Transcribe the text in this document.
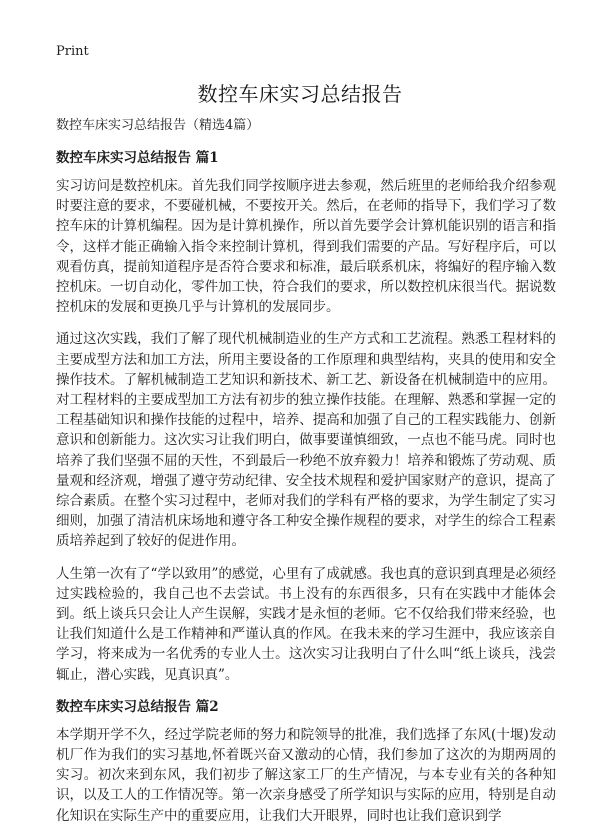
Print
数控车床实习总结报告
数控车床实习总结报告（精选4篇）
数控车床实习总结报告 篇1

实习访问是数控机床。首先我们同学按顺序进去参观，然后班里的老师给我介绍参观时要注意的要求，不要碰机械，不要按开关。然后，在老师的指导下，我们学习了数控车床的计算机编程。因为是计算机操作，所以首先要学会计算机能识别的语言和指令，这样才能正确输入指令来控制计算机，得到我们需要的产品。写好程序后，可以观看仿真，提前知道程序是否符合要求和标准，最后联系机床，将编好的程序输入数控机床。一切自动化，零件加工快，符合我们的要求，所以数控机床很当代。据说数控机床的发展和更换几乎与计算机的发展同步。

通过这次实践，我们了解了现代机械制造业的生产方式和工艺流程。熟悉工程材料的主要成型方法和加工方法，所用主要设备的工作原理和典型结构，夹具的使用和安全操作技术。了解机械制造工艺知识和新技术、新工艺、新设备在机械制造中的应用。对工程材料的主要成型加工方法有初步的独立操作技能。在理解、熟悉和掌握一定的工程基础知识和操作技能的过程中，培养、提高和加强了自己的工程实践能力、创新意识和创新能力。这次实习让我们明白，做事要谨慎细致，一点也不能马虎。同时也培养了我们坚强不屈的天性，不到最后一秒绝不放弃毅力！培养和锻炼了劳动观、质量观和经济观，增强了遵守劳动纪律、安全技术规程和爱护国家财产的意识，提高了综合素质。在整个实习过程中，老师对我们的学科有严格的要求，为学生制定了实习细则，加强了清洁机床场地和遵守各工种安全操作规程的要求，对学生的综合工程素质培养起到了较好的促进作用。

人生第一次有了“学以致用”的感觉，心里有了成就感。我也真的意识到真理是必须经过实践检验的，我自己也不去尝试。书上没有的东西很多，只有在实践中才能体会到。纸上谈兵只会让人产生误解，实践才是永恒的老师。它不仅给我们带来经验，也让我们知道什么是工作精神和严谨认真的作风。在我未来的学习生涯中，我应该亲自学习，将来成为一名优秀的专业人士。这次实习让我明白了什么叫“纸上谈兵，浅尝辄止，潜心实践，见真识真”。

数控车床实习总结报告 篇2

本学期开学不久，经过学院老师的努力和院领导的批准，我们选择了东风(十堰)发动机厂作为我们的实习基地,怀着既兴奋又激动的心情，我们参加了这次的为期两周的实习。初次来到东风，我们初步了解这家工厂的生产情况，与本专业有关的各种知识，以及工人的工作情况等。第一次亲身感受了所学知识与实际的应用，特别是自动化知识在实际生产中的重要应用，让我们大开眼界，同时也让我们意识到学
